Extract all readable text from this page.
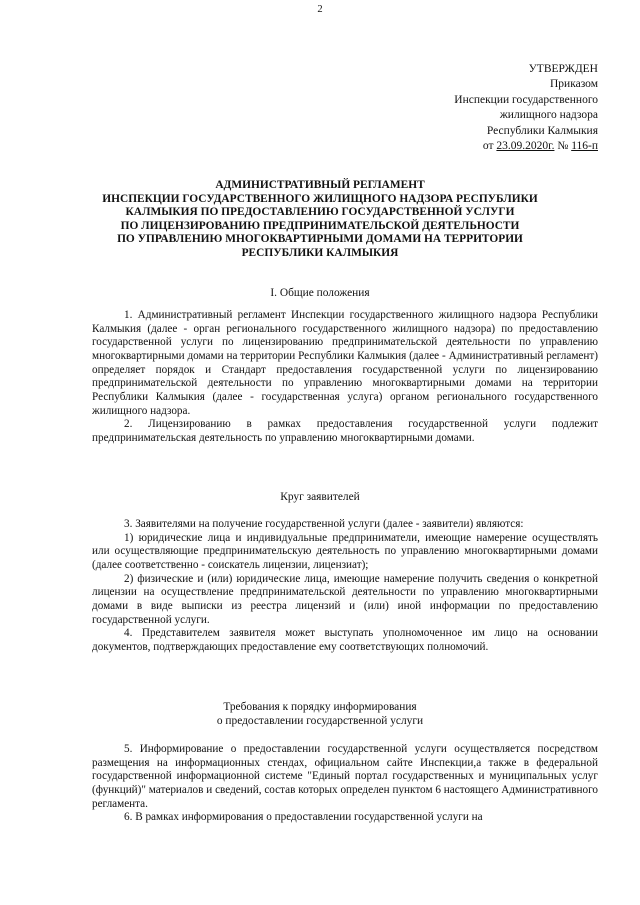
2
УТВЕРЖДЕН
Приказом
Инспекции государственного
жилищного надзора
Республики Калмыкия
от 23.09.2020г. № 116-п
АДМИНИСТРАТИВНЫЙ РЕГЛАМЕНТ
ИНСПЕКЦИИ ГОСУДАРСТВЕННОГО ЖИЛИЩНОГО НАДЗОРА РЕСПУБЛИКИ
КАЛМЫКИЯ ПО ПРЕДОСТАВЛЕНИЮ ГОСУДАРСТВЕННОЙ УСЛУГИ
ПО ЛИЦЕНЗИРОВАНИЮ ПРЕДПРИНИМАТЕЛЬСКОЙ ДЕЯТЕЛЬНОСТИ
ПО УПРАВЛЕНИЮ МНОГОКВАРТИРНЫМИ ДОМАМИ НА ТЕРРИТОРИИ
РЕСПУБЛИКИ КАЛМЫКИЯ
I. Общие положения

1. Административный регламент Инспекции государственного жилищного надзора Республики Калмыкия (далее - орган регионального государственного жилищного надзора) по предоставлению государственной услуги по лицензированию предпринимательской деятельности по управлению многоквартирными домами на территории Республики Калмыкия (далее - Административный регламент) определяет порядок и Стандарт предоставления государственной услуги по лицензированию предпринимательской деятельности по управлению многоквартирными домами на территории Республики Калмыкия (далее - государственная услуга) органом регионального государственного жилищного надзора.

2. Лицензированию в рамках предоставления государственной услуги подлежит предпринимательская деятельность по управлению многоквартирными домами.

Круг заявителей

3. Заявителями на получение государственной услуги (далее - заявители) являются:

1) юридические лица и индивидуальные предприниматели, имеющие намерение осуществлять или осуществляющие предпринимательскую деятельность по управлению многоквартирными домами (далее соответственно - соискатель лицензии, лицензиат);

2) физические и (или) юридические лица, имеющие намерение получить сведения о конкретной лицензии на осуществление предпринимательской деятельности по управлению многоквартирными домами в виде выписки из реестра лицензий и (или) иной информации по предоставлению государственной услуги.

4. Представителем заявителя может выступать уполномоченное им лицо на основании документов, подтверждающих предоставление ему соответствующих полномочий.

Требования к порядку информирования
о предоставлении государственной услуги

5. Информирование о предоставлении государственной услуги осуществляется посредством размещения на информационных стендах, официальном сайте Инспекции,а также в федеральной государственной информационной системе "Единый портал государственных и муниципальных услуг (функций)" материалов и сведений, состав которых определен пунктом 6 настоящего Административного регламента.

6. В рамках информирования о предоставлении государственной услуги на
